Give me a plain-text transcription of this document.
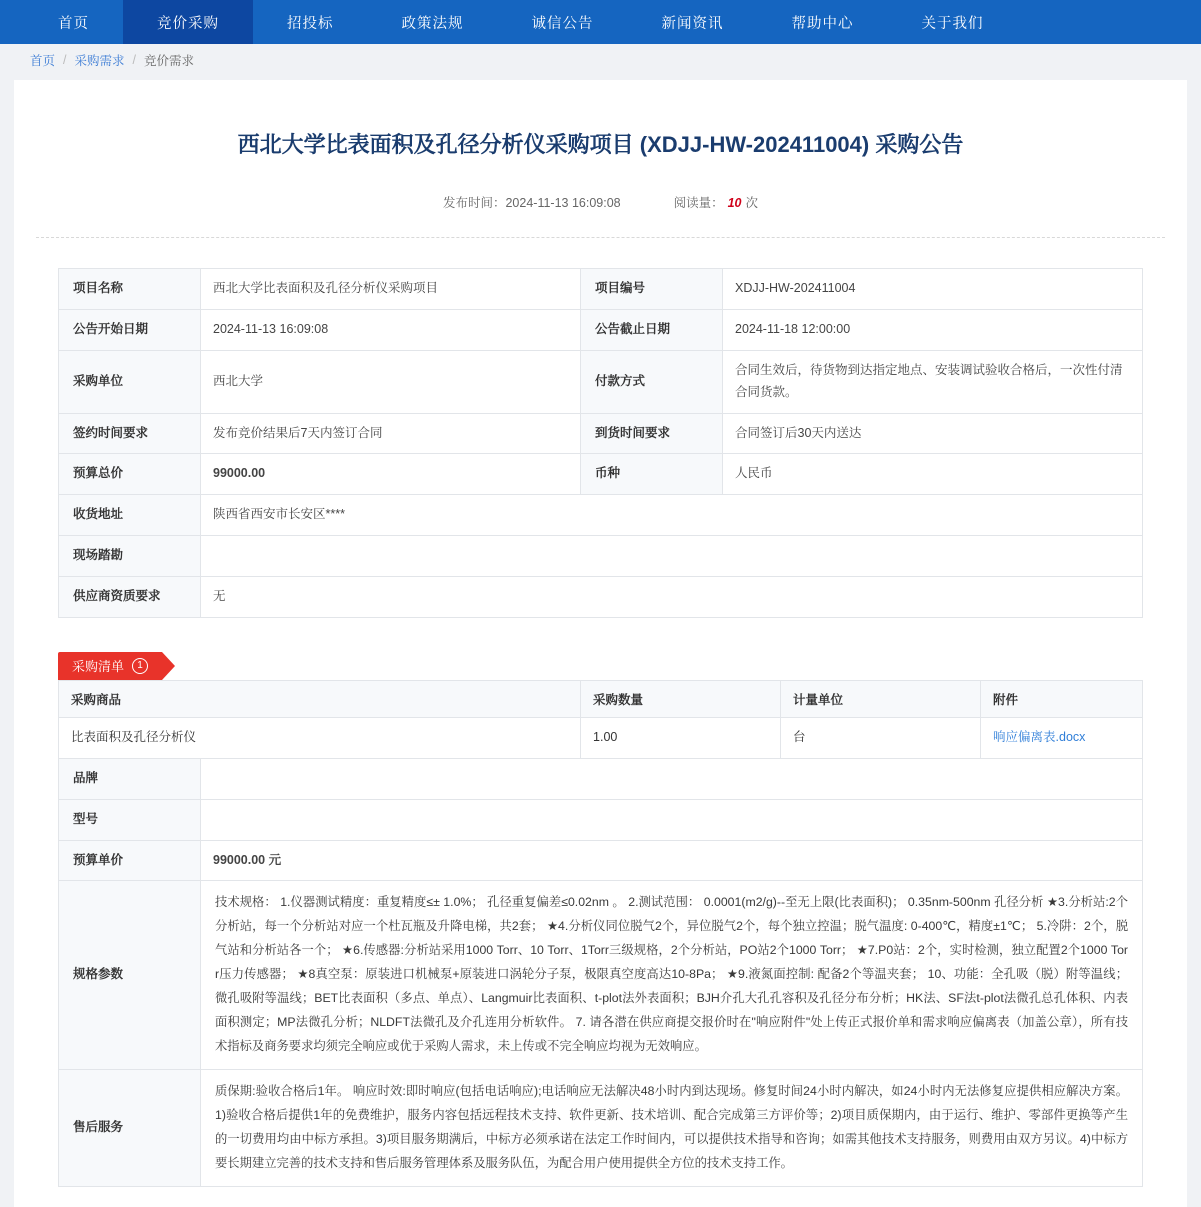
首页	竞价采购	招投标	政策法规	诚信公告	新闻资讯	帮助中心	关于我们
首页 / 采购需求 / 竞价需求
西北大学比表面积及孔径分析仪采购项目 (XDJJ-HW-202411004) 采购公告
发布时间：2024-11-13 16:09:08	阅读量： 10 次
项目名称	西北大学比表面积及孔径分析仪采购项目	项目编号	XDJJ-HW-202411004
公告开始日期	2024-11-13 16:09:08	公告截止日期	2024-11-18 12:00:00
采购单位	西北大学	付款方式	合同生效后，待货物到达指定地点、安装调试验收合格后，一次性付清合同货款。
签约时间要求	发布竞价结果后7天内签订合同	到货时间要求	合同签订后30天内送达
预算总价	99000.00	币种	人民币
收货地址	陕西省西安市长安区****		
现场踏勘			
供应商资质要求	无		
采购清单	1
采购商品		采购数量	计量单位	附件
比表面积及孔径分析仪		1.00	台	响应偏离表.docx
品牌				
型号				
预算单价	99000.00 元			
规格参数	技术规格： 1.仪器测试精度：重复精度≤± 1.0%； 孔径重复偏差≤0.02nm 。 2.测试范围： 0.0001(m2/g)--至无上限(比表面积)； 0.35nm-500nm 孔径分析 ★3.分析站:2个分析站，每一个分析站对应一个杜瓦瓶及升降电梯，共2套； ★4.分析仪同位脱气2个，异位脱气2个，每个独立控温；脱气温度: 0-400℃，精度±1℃； 5.冷阱：2个，脱气站和分析站各一个； ★6.传感器:分析站采用1000 Torr、10 Torr、1Torr三级规格，2个分析站，PO站2个1000 Torr； ★7.P0站：2个，实时检测，独立配置2个1000 Torr压力传感器； ★8真空泵：原装进口机械泵+原装进口涡轮分子泵，极限真空度高达10-8Pa； ★9.液氮面控制: 配备2个等温夹套； 10、功能：全孔吸（脱）附等温线；微孔吸附等温线；BET比表面积（多点、单点）、Langmuir比表面积、t-plot法外表面积；BJH介孔大孔孔容积及孔径分布分析；HK法、SF法t-plot法微孔总孔体积、内表面积测定；MP法微孔分析；NLDFT法微孔及介孔连用分析软件。 7. 请各潜在供应商提交报价时在"响应附件"处上传正式报价单和需求响应偏离表（加盖公章），所有技术指标及商务要求均须完全响应或优于采购人需求，未上传或不完全响应均视为无效响应。			
售后服务	质保期:验收合格后1年。 响应时效:即时响应(包括电话响应);电话响应无法解决48小时内到达现场。修复时间24小时内解决，如24小时内无法修复应提供相应解决方案。1)验收合格后提供1年的免费维护，服务内容包括远程技术支持、软件更新、技术培训、配合完成第三方评价等；2)项目质保期内，由于运行、维护、零部件更换等产生的一切费用均由中标方承担。3)项目服务期满后，中标方必须承诺在法定工作时间内，可以提供技术指导和咨询；如需其他技术支持服务，则费用由双方另议。4)中标方要长期建立完善的技术支持和售后服务管理体系及服务队伍，为配合用户使用提供全方位的技术支持工作。			
